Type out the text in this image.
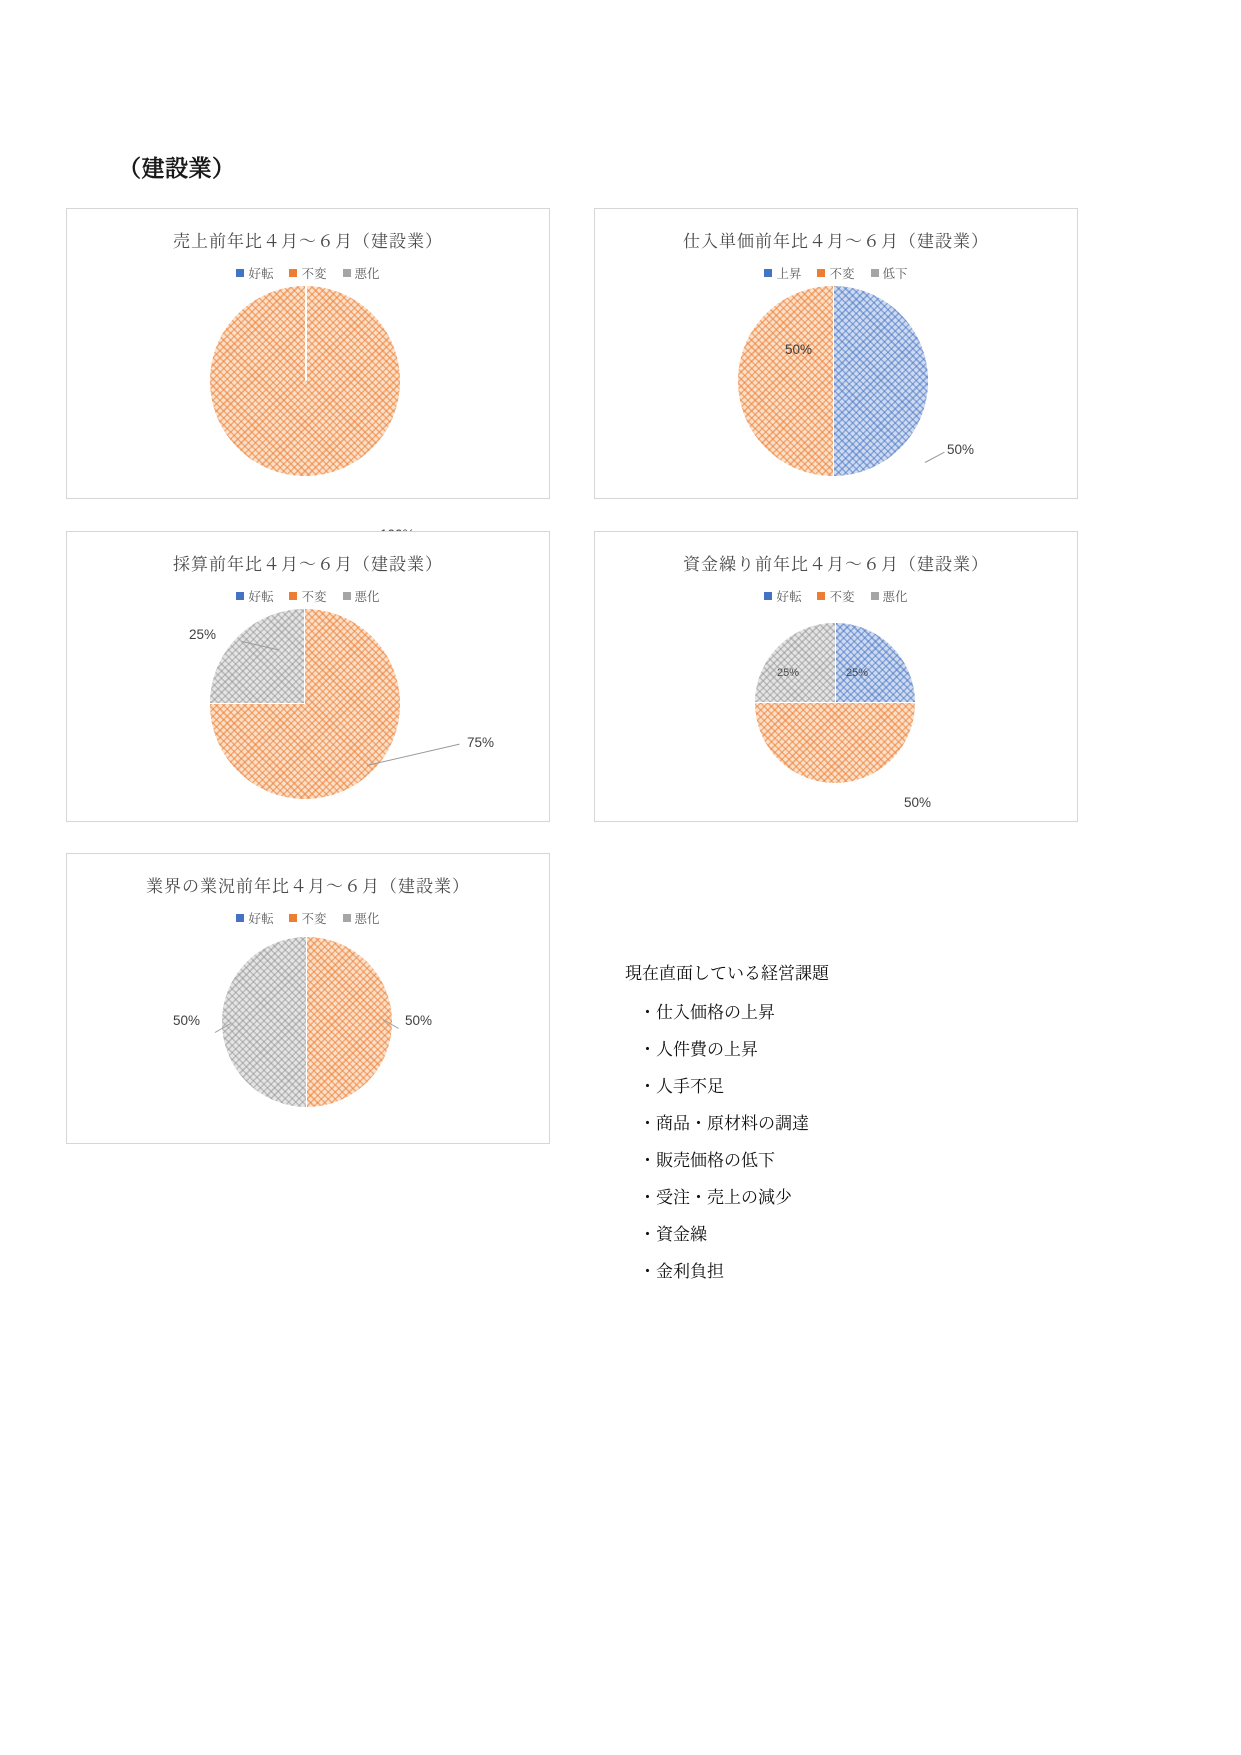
（建設業）
売上前年比４月～６月（建設業）
好転 不変 悪化
仕入単価前年比４月～６月（建設業）
上昇 不変 低下
50%
50%
採算前年比４月～６月（建設業）
好転 不変 悪化
25%
75%
資金繰り前年比４月～６月（建設業）
好転 不変 悪化
25%	25%
50%
業界の業況前年比４月～６月（建設業）
好転 不変 悪化
50%	50%
現在直面している経営課題
・仕入価格の上昇
・人件費の上昇
・人手不足
・商品・原材料の調達
・販売価格の低下
・受注・売上の減少
・資金繰
・金利負担
